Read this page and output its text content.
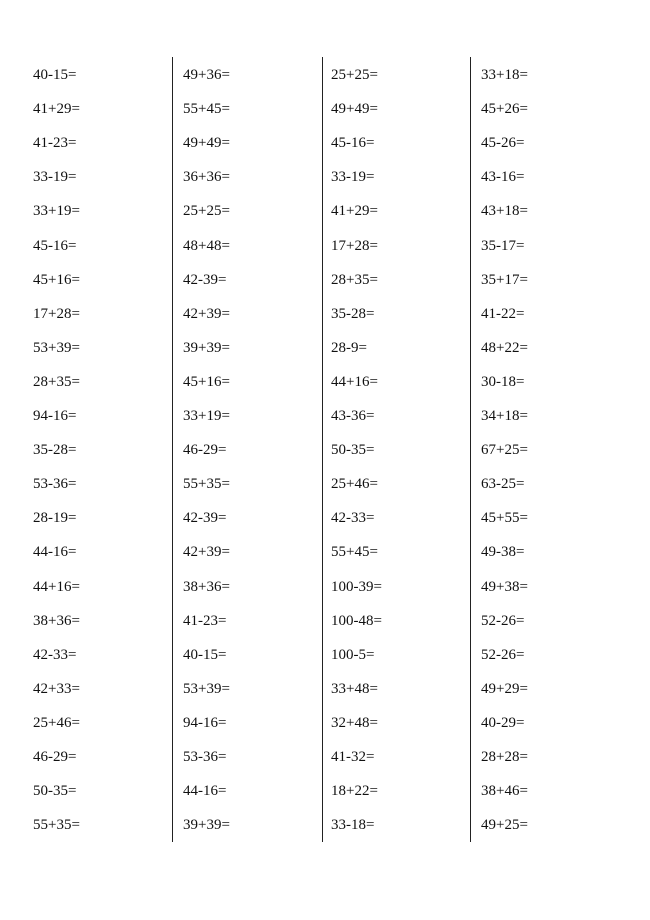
40-15=
41+29=
41-23=
33-19=
33+19=
45-16=
45+16=
17+28=
53+39=
28+35=
94-16=
35-28=
53-36=
28-19=
44-16=
44+16=
38+36=
42-33=
42+33=
25+46=
46-29=
50-35=
55+35=
49+36=
55+45=
49+49=
36+36=
25+25=
48+48=
42-39=
42+39=
39+39=
45+16=
33+19=
46-29=
55+35=
42-39=
42+39=
38+36=
41-23=
40-15=
53+39=
94-16=
53-36=
44-16=
39+39=
25+25=
49+49=
45-16=
33-19=
41+29=
17+28=
28+35=
35-28=
28-9=
44+16=
43-36=
50-35=
25+46=
42-33=
55+45=
100-39=
100-48=
100-5=
33+48=
32+48=
41-32=
18+22=
33-18=
33+18=
45+26=
45-26=
43-16=
43+18=
35-17=
35+17=
41-22=
48+22=
30-18=
34+18=
67+25=
63-25=
45+55=
49-38=
49+38=
52-26=
52-26=
49+29=
40-29=
28+28=
38+46=
49+25=
